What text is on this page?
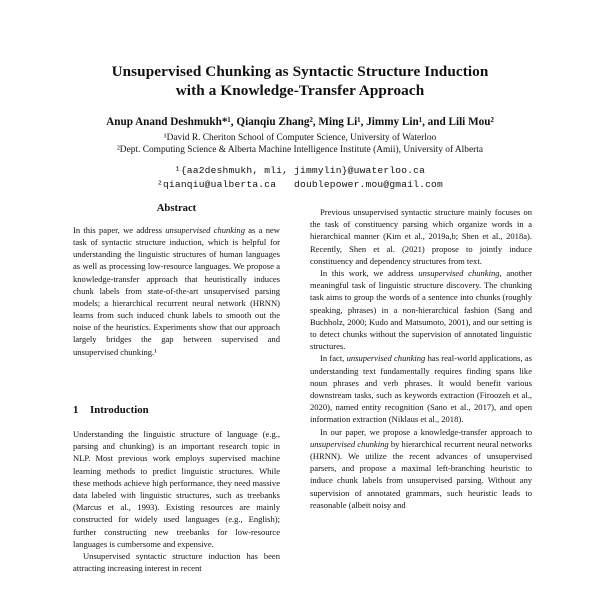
Unsupervised Chunking as Syntactic Structure Induction
with a Knowledge-Transfer Approach
Anup Anand Deshmukh*¹, Qianqiu Zhang², Ming Li¹, Jimmy Lin¹, and Lili Mou²
¹David R. Cheriton School of Computer Science, University of Waterloo
²Dept. Computing Science & Alberta Machine Intelligence Institute (Amii), University of Alberta
¹{aa2deshmukh, mli, jimmylin}@uwaterloo.ca
²qianqiu@ualberta.ca   doublepower.mou@gmail.com
Abstract
In this paper, we address unsupervised chunking as a new task of syntactic structure induction, which is helpful for understanding the linguistic structures of human languages as well as processing low-resource languages. We propose a knowledge-transfer approach that heuristically induces chunk labels from state-of-the-art unsupervised parsing models; a hierarchical recurrent neural network (HRNN) learns from such induced chunk labels to smooth out the noise of the heuristics. Experiments show that our approach largely bridges the gap between supervised and unsupervised chunking.¹
1 Introduction

Understanding the linguistic structure of language (e.g., parsing and chunking) is an important research topic in NLP. Most previous work employs supervised machine learning methods to predict linguistic structures. While these methods achieve high performance, they need massive data labeled with linguistic structures, such as treebanks (Marcus et al., 1993). Existing resources are mainly constructed for widely used languages (e.g., English); further constructing new treebanks for low-resource languages is cumbersome and expensive.

Unsupervised syntactic structure induction has been attracting increasing interest in recent

Previous unsupervised syntactic structure mainly focuses on the task of constituency parsing which organize words in a hierarchical manner (Kim et al., 2019a,b; Shen et al., 2018a). Recently, Shen et al. (2021) propose to jointly induce constituency and dependency structures from text.

In this work, we address unsupervised chunking, another meaningful task of linguistic structure discovery. The chunking task aims to group the words of a sentence into chunks (roughly speaking, phrases) in a non-hierarchical fashion (Sang and Buchholz, 2000; Kudo and Matsumoto, 2001), and our setting is to detect chunks without the supervision of annotated linguistic structures.

In fact, unsupervised chunking has real-world applications, as understanding text fundamentally requires finding spans like noun phrases and verb phrases. It would benefit various downstream tasks, such as keywords extraction (Firoozeh et al., 2020), named entity recognition (Sano et al., 2017), and open information extraction (Niklaus et al., 2018).

In our paper, we propose a knowledge-transfer approach to unsupervised chunking by hierarchical recurrent neural networks (HRNN). We utilize the recent advances of unsupervised parsers, and propose a maximal left-branching heuristic to induce chunk labels from unsupervised parsing. Without any supervision of annotated grammars, such heuristic leads to reasonable (albeit noisy and
